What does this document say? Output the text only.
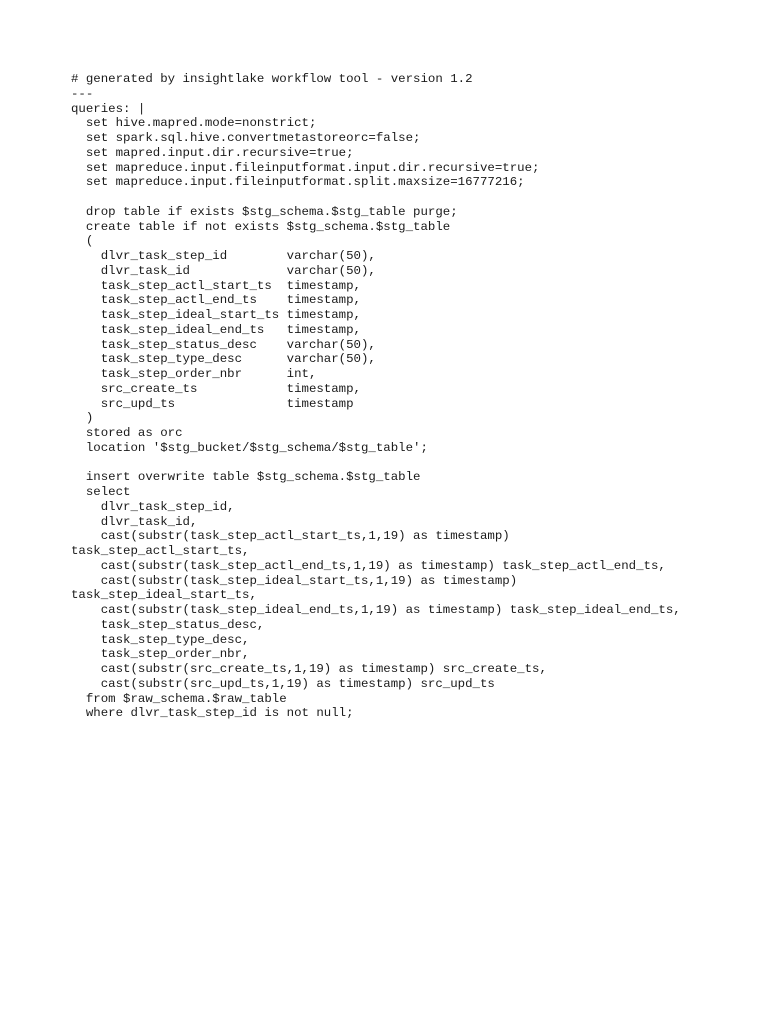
# generated by insightlake workflow tool - version 1.2
---
queries: |
set hive.mapred.mode=nonstrict;
set spark.sql.hive.convertmetastoreorc=false;
set mapred.input.dir.recursive=true;
set mapreduce.input.fileinputformat.input.dir.recursive=true;
set mapreduce.input.fileinputformat.split.maxsize=16777216;
drop table if exists $stg_schema.$stg_table purge;
create table if not exists $stg_schema.$stg_table
(
dlvr_task_step_id        varchar(50),
dlvr_task_id             varchar(50),
task_step_actl_start_ts  timestamp,
task_step_actl_end_ts    timestamp,
task_step_ideal_start_ts timestamp,
task_step_ideal_end_ts   timestamp,
task_step_status_desc    varchar(50),
task_step_type_desc      varchar(50),
task_step_order_nbr      int,
src_create_ts            timestamp,
src_upd_ts               timestamp
)
stored as orc
location '$stg_bucket/$stg_schema/$stg_table';
insert overwrite table $stg_schema.$stg_table
select
dlvr_task_step_id,
dlvr_task_id,
cast(substr(task_step_actl_start_ts,1,19) as timestamp)
task_step_actl_start_ts,
cast(substr(task_step_actl_end_ts,1,19) as timestamp) task_step_actl_end_ts,
cast(substr(task_step_ideal_start_ts,1,19) as timestamp)
task_step_ideal_start_ts,
cast(substr(task_step_ideal_end_ts,1,19) as timestamp) task_step_ideal_end_ts,
task_step_status_desc,
task_step_type_desc,
task_step_order_nbr,
cast(substr(src_create_ts,1,19) as timestamp) src_create_ts,
cast(substr(src_upd_ts,1,19) as timestamp) src_upd_ts
from $raw_schema.$raw_table
where dlvr_task_step_id is not null;
